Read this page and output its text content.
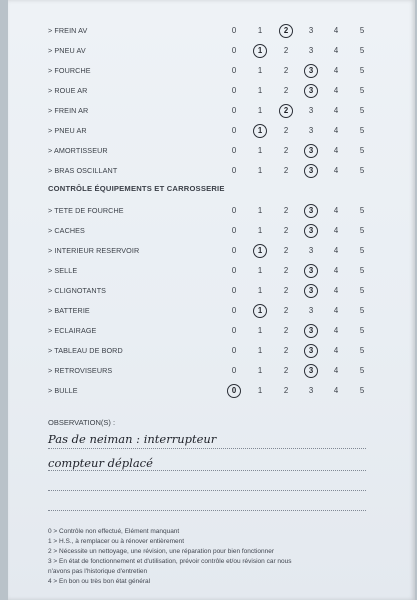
> FREIN AV	0	1	2	3	4	5
> PNEU AV	0	1	2	3	4	5
> FOURCHE	0	1	2	3	4	5
> ROUE AR	0	1	2	3	4	5
> FREIN AR	0	1	2	3	4	5
> PNEU AR	0	1	2	3	4	5
> AMORTISSEUR	0	1	2	3	4	5
> BRAS OSCILLANT	0	1	2	3	4	5
CONTRÔLE ÉQUIPEMENTS ET CARROSSERIE
> TETE DE FOURCHE	0	1	2	3	4	5
> CACHES	0	1	2	3	4	5
> INTERIEUR RESERVOIR	0	1	2	3	4	5
> SELLE	0	1	2	3	4	5
> CLIGNOTANTS	0	1	2	3	4	5
> BATTERIE	0	1	2	3	4	5
> ECLAIRAGE	0	1	2	3	4	5
> TABLEAU DE BORD	0	1	2	3	4	5
> RETROVISEURS	0	1	2	3	4	5
> BULLE	0	1	2	3	4	5
OBSERVATION(S) :
Pas de neiman : interrupteur
compteur déplacé
0 > Contrôle non effectué, Elément manquant
1 > H.S., à remplacer ou à rénover entièrement
2 > Nécessite un nettoyage, une révision, une réparation pour bien fonctionner
3 > En état de fonctionnement et d'utilisation, prévoir contrôle et/ou révision car nous
n'avons pas l'historique d'entretien
4 > En bon ou très bon état général
